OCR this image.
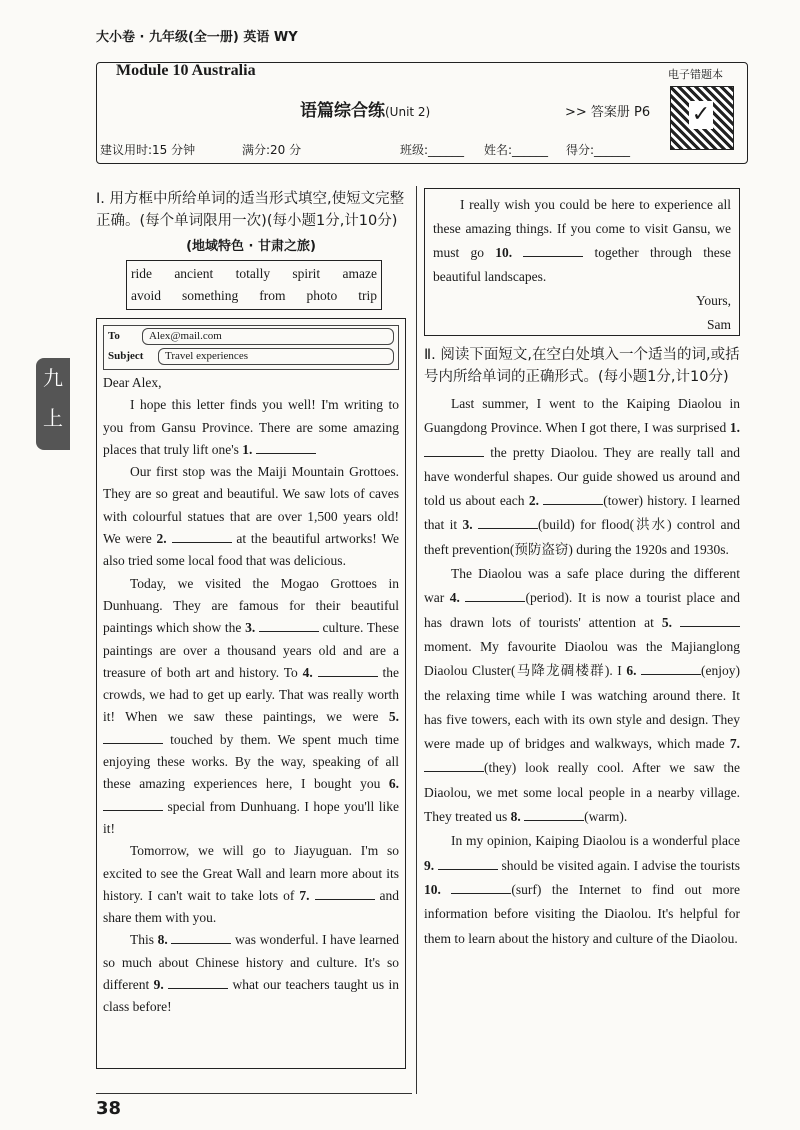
大小卷 · 九年级(全一册) 英语 WY
Module 10 Australia
语篇综合练(Unit 2)	>> 答案册 P6
电子错题本
✓
建议用时:15 分钟	满分:20 分	班级:______ 姓名:______ 得分:______
九
上
Ⅰ. 用方框中所给单词的适当形式填空,使短文完整正确。(每个单词限用一次)(每小题1分,计10分)
(地域特色 · 甘肃之旅)
ride ancient totally spirit amaze
avoid something from photo trip
To	Alex@mail.com
Subject	Travel experiences
Dear Alex,
I hope this letter finds you well! I'm writing to you from Gansu Province. There are some amazing places that truly lift one's 1.
Our first stop was the Maiji Mountain Grottoes. They are so great and beautiful. We saw lots of caves with colourful statues that are over 1,500 years old! We were 2.	at the beautiful artworks! We also tried some local food that was delicious.
Today, we visited the Mogao Grottoes in Dunhuang. They are famous for their beautiful paintings which show the 3.	culture. These paintings are over a thousand years old and are a treasure of both art and history. To 4.	the crowds, we had to get up early. That was really worth it! When we saw these paintings, we were 5.  touched by them. We spent much time enjoying these works. By the way, speaking of all these amazing experiences here, I bought you 6.  special from Dunhuang. I hope you'll like it!
Tomorrow, we will go to Jiayuguan. I'm so excited to see the Great Wall and learn more about its history. I can't wait to take lots of 7.	and share them with you.
This 8.	was wonderful. I have learned so much about Chinese history and culture. It's so different 9.	what our teachers taught us in class before!
I really wish you could be here to experience all these amazing things. If you come to visit Gansu, we must go 10.	together through these beautiful landscapes.
Yours,
Sam
Ⅱ. 阅读下面短文,在空白处填入一个适当的词,或括号内所给单词的正确形式。(每小题1分,计10分)
Last summer, I went to the Kaiping Diaolou in Guangdong Province. When I got there, I was surprised 1.  the pretty Diaolou. They are really tall and have wonderful shapes. Our guide showed us around and told us about each 2.	(tower) history. I learned that it 3.	(build) for flood(洪水) control and theft prevention(预防盗窃) during the 1920s and 1930s.
The Diaolou was a safe place during the different war 4.	(period). It is now a tourist place and has drawn lots of tourists' attention at 5.  moment. My favourite Diaolou was the Majianglong Diaolou Cluster(马降龙碉楼群). I 6.	(enjoy) the relaxing time while I was watching around there. It has five towers, each with its own style and design. They were made up of bridges and walkways, which made 7. (they) look really cool. After we saw the Diaolou, we met some local people in a nearby village. They treated us 8.	(warm).
In my opinion, Kaiping Diaolou is a wonderful place 9.	should be visited again. I advise the tourists 10.	(surf) the Internet to find out more information before visiting the Diaolou. It's helpful for them to learn about the history and culture of the Diaolou.
38
